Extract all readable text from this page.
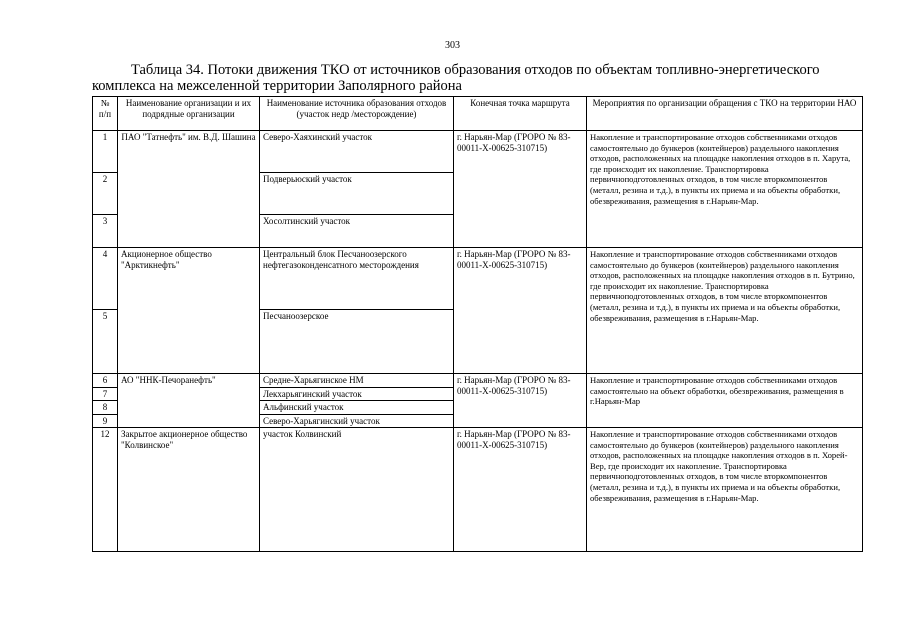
303
Таблица 34. Потоки движения ТКО от источников образования отходов по объектам топливно-энергетического комплекса на межселенной территории Заполярного района
№ п/п	Наименование организации и их подрядные организации	Наименование источника образования отходов (участок недр /месторождение)	Конечная точка маршрута	Мероприятия по организации обращения с ТКО на территории НАО
1	ПАО "Татнефть" им. В.Д. Шашина	Северо-Хаяхинский участок	г. Нарьян-Мар (ГРОРО № 83-00011-Х-00625-310715)	Накопление и транспортирование отходов собственниками отходов самостоятельно до бункеров (контейнеров) раздельного накопления отходов, расположенных на площадке накопления отходов в п. Харута, где происходит их накопление. Транспортировка первичноподготовленных отходов, в том числе вторкомпонентов (металл, резина и т.д.), в пункты их приема и на объекты обработки, обезвреживания, размещения в г.Нарьян-Мар.
2		Подверьюский участок		
3		Хосолтинский участок		
4	Акционерное общество "Арктикнефть"	Центральный блок Песчаноозерского нефтегазоконденсатного месторождения	г. Нарьян-Мар (ГРОРО № 83-00011-Х-00625-310715)	Накопление и транспортирование отходов собственниками отходов самостоятельно до бункеров (контейнеров) раздельного накопления отходов, расположенных на площадке накопления отходов в п. Бутрино, где происходит их накопление. Транспортировка первичноподготовленных отходов, в том числе вторкомпонентов (металл, резина и т.д.), в пункты их приема и на объекты обработки, обезвреживания, размещения в г.Нарьян-Мар.
5		Песчаноозерское		
6	АО "ННК-Печоранефть"	Средне-Харьягинское НМ	г. Нарьян-Мар (ГРОРО № 83-00011-Х-00625-310715)	Накопление и транспортирование отходов собственниками отходов самостоятельно на объект обработки, обезвреживания, размещения в г.Нарьян-Мар
7		Лекхарьягинский участок		
8		Альфинский участок		
9		Северо-Харьягинский участок		
12	Закрытое акционерное общество "Колвинское"	участок Колвинский	г. Нарьян-Мар (ГРОРО № 83-00011-Х-00625-310715)	Накопление и транспортирование отходов собственниками отходов самостоятельно до бункеров (контейнеров) раздельного накопления отходов, расположенных на площадке накопления отходов в п. Хорей-Вер, где происходит их накопление. Транспортировка первичноподготовленных отходов, в том числе вторкомпонентов (металл, резина и т.д.), в пункты их приема и на объекты обработки, обезвреживания, размещения в г.Нарьян-Мар.
